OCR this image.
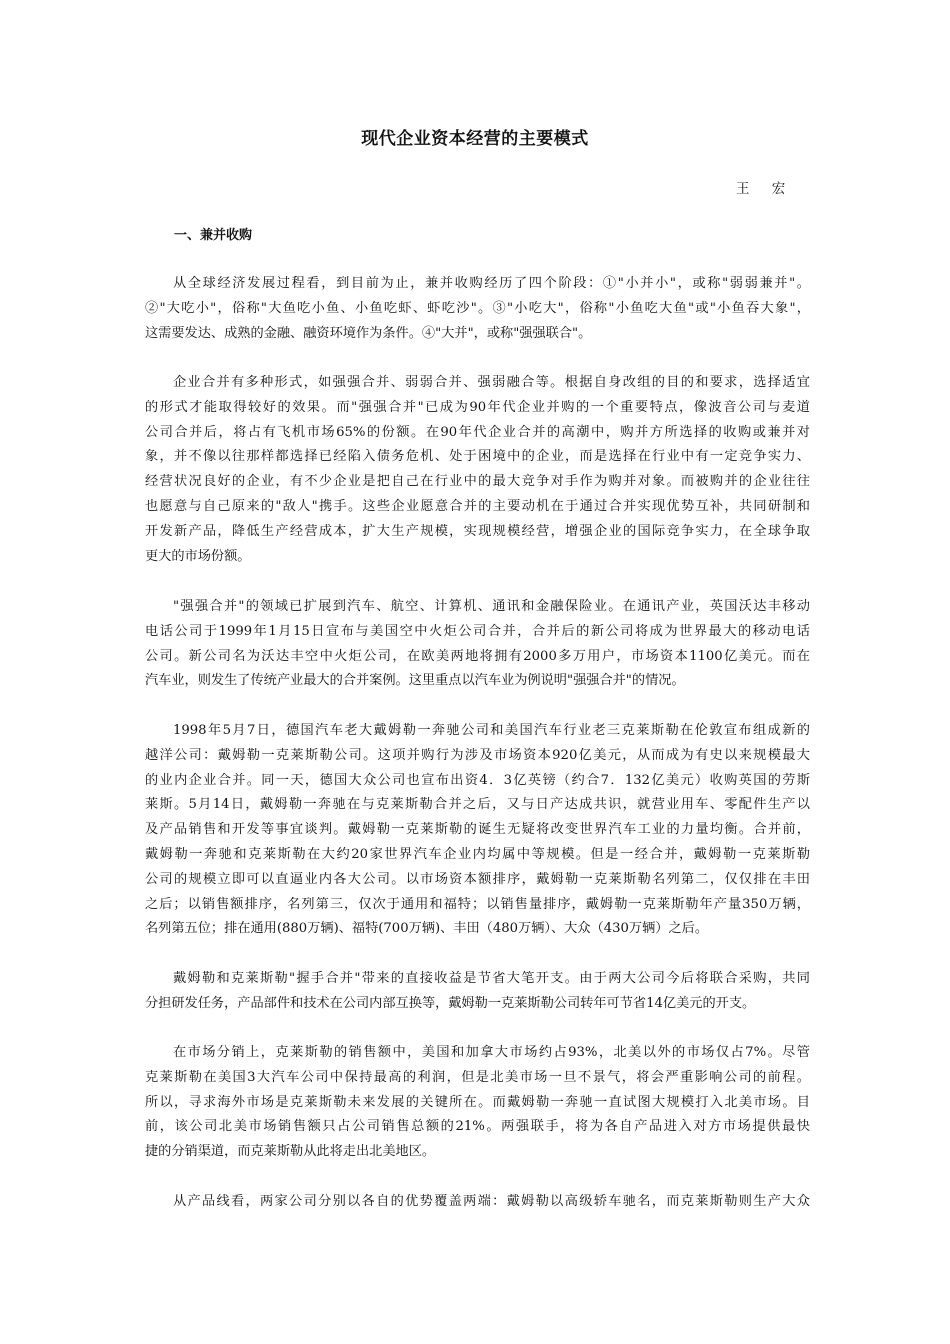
现代企业资本经营的主要模式
王 宏
一、兼并收购
从全球经济发展过程看，到目前为止，兼并收购经历了四个阶段：①"小并小"，或称"弱弱兼并"。
②"大吃小"，俗称"大鱼吃小鱼、小鱼吃虾、虾吃沙"。③"小吃大"，俗称"小鱼吃大鱼"或"小鱼吞大象"，
这需要发达、成熟的金融、融资环境作为条件。④"大并"，或称"强强联合"。
企业合并有多种形式，如强强合并、弱弱合并、强弱融合等。根据自身改组的目的和要求，选择适宜
的形式才能取得较好的效果。而"强强合并"已成为90年代企业并购的一个重要特点，像波音公司与麦道
公司合并后，将占有飞机市场65%的份额。在90年代企业合并的高潮中，购并方所选择的收购或兼并对
象，并不像以往那样都选择已经陷入债务危机、处于困境中的企业，而是选择在行业中有一定竞争实力、
经营状况良好的企业，有不少企业是把自己在行业中的最大竞争对手作为购并对象。而被购并的企业往往
也愿意与自己原来的"敌人"携手。这些企业愿意合并的主要动机在于通过合并实现优势互补，共同研制和
开发新产品，降低生产经营成本，扩大生产规模，实现规模经营，增强企业的国际竞争实力，在全球争取
更大的市场份额。
"强强合并"的领域已扩展到汽车、航空、计算机、通讯和金融保险业。在通讯产业，英国沃达丰移动
电话公司于1999年1月15日宣布与美国空中火炬公司合并，合并后的新公司将成为世界最大的移动电话
公司。新公司名为沃达丰空中火炬公司，在欧美两地将拥有2000多万用户，市场资本1100亿美元。而在
汽车业，则发生了传统产业最大的合并案例。这里重点以汽车业为例说明"强强合并"的情况。
1998年5月7日，德国汽车老大戴姆勒一奔驰公司和美国汽车行业老三克莱斯勒在伦敦宣布组成新的
越洋公司：戴姆勒一克莱斯勒公司。这项并购行为涉及市场资本920亿美元，从而成为有史以来规模最大
的业内企业合并。同一天，德国大众公司也宣布出资4．3亿英镑（约合7．132亿美元）收购英国的劳斯
莱斯。5月14日，戴姆勒一奔驰在与克莱斯勒合并之后，又与日产达成共识，就营业用车、零配件生产以
及产品销售和开发等事宜谈判。戴姆勒一克莱斯勒的诞生无疑将改变世界汽车工业的力量均衡。合并前，
戴姆勒一奔驰和克莱斯勒在大约20家世界汽车企业内均属中等规模。但是一经合并，戴姆勒一克莱斯勒
公司的规模立即可以直逼业内各大公司。以市场资本额排序，戴姆勒一克莱斯勒名列第二，仅仅排在丰田
之后；以销售额排序，名列第三，仅次于通用和福特；以销售量排序，戴姆勒一克莱斯勒年产量350万辆，
名列第五位；排在通用(880万辆)、福特(700万辆)、丰田（480万辆）、大众（430万辆）之后。
戴姆勒和克莱斯勒"握手合并"带来的直接收益是节省大笔开支。由于两大公司今后将联合采购，共同
分担研发任务，产品部件和技术在公司内部互换等，戴姆勒一克莱斯勒公司转年可节省14亿美元的开支。
在市场分销上，克莱斯勒的销售额中，美国和加拿大市场约占93%，北美以外的市场仅占7%。尽管
克莱斯勒在美国3大汽车公司中保持最高的利润，但是北美市场一旦不景气，将会严重影响公司的前程。
所以，寻求海外市场是克莱斯勒未来发展的关键所在。而戴姆勒一奔驰一直试图大规模打入北美市场。目
前，该公司北美市场销售额只占公司销售总额的21%。两强联手，将为各自产品进入对方市场提供最快
捷的分销渠道，而克莱斯勒从此将走出北美地区。
从产品线看，两家公司分别以各自的优势覆盖两端：戴姆勒以高级轿车驰名，而克莱斯勒则生产大众
